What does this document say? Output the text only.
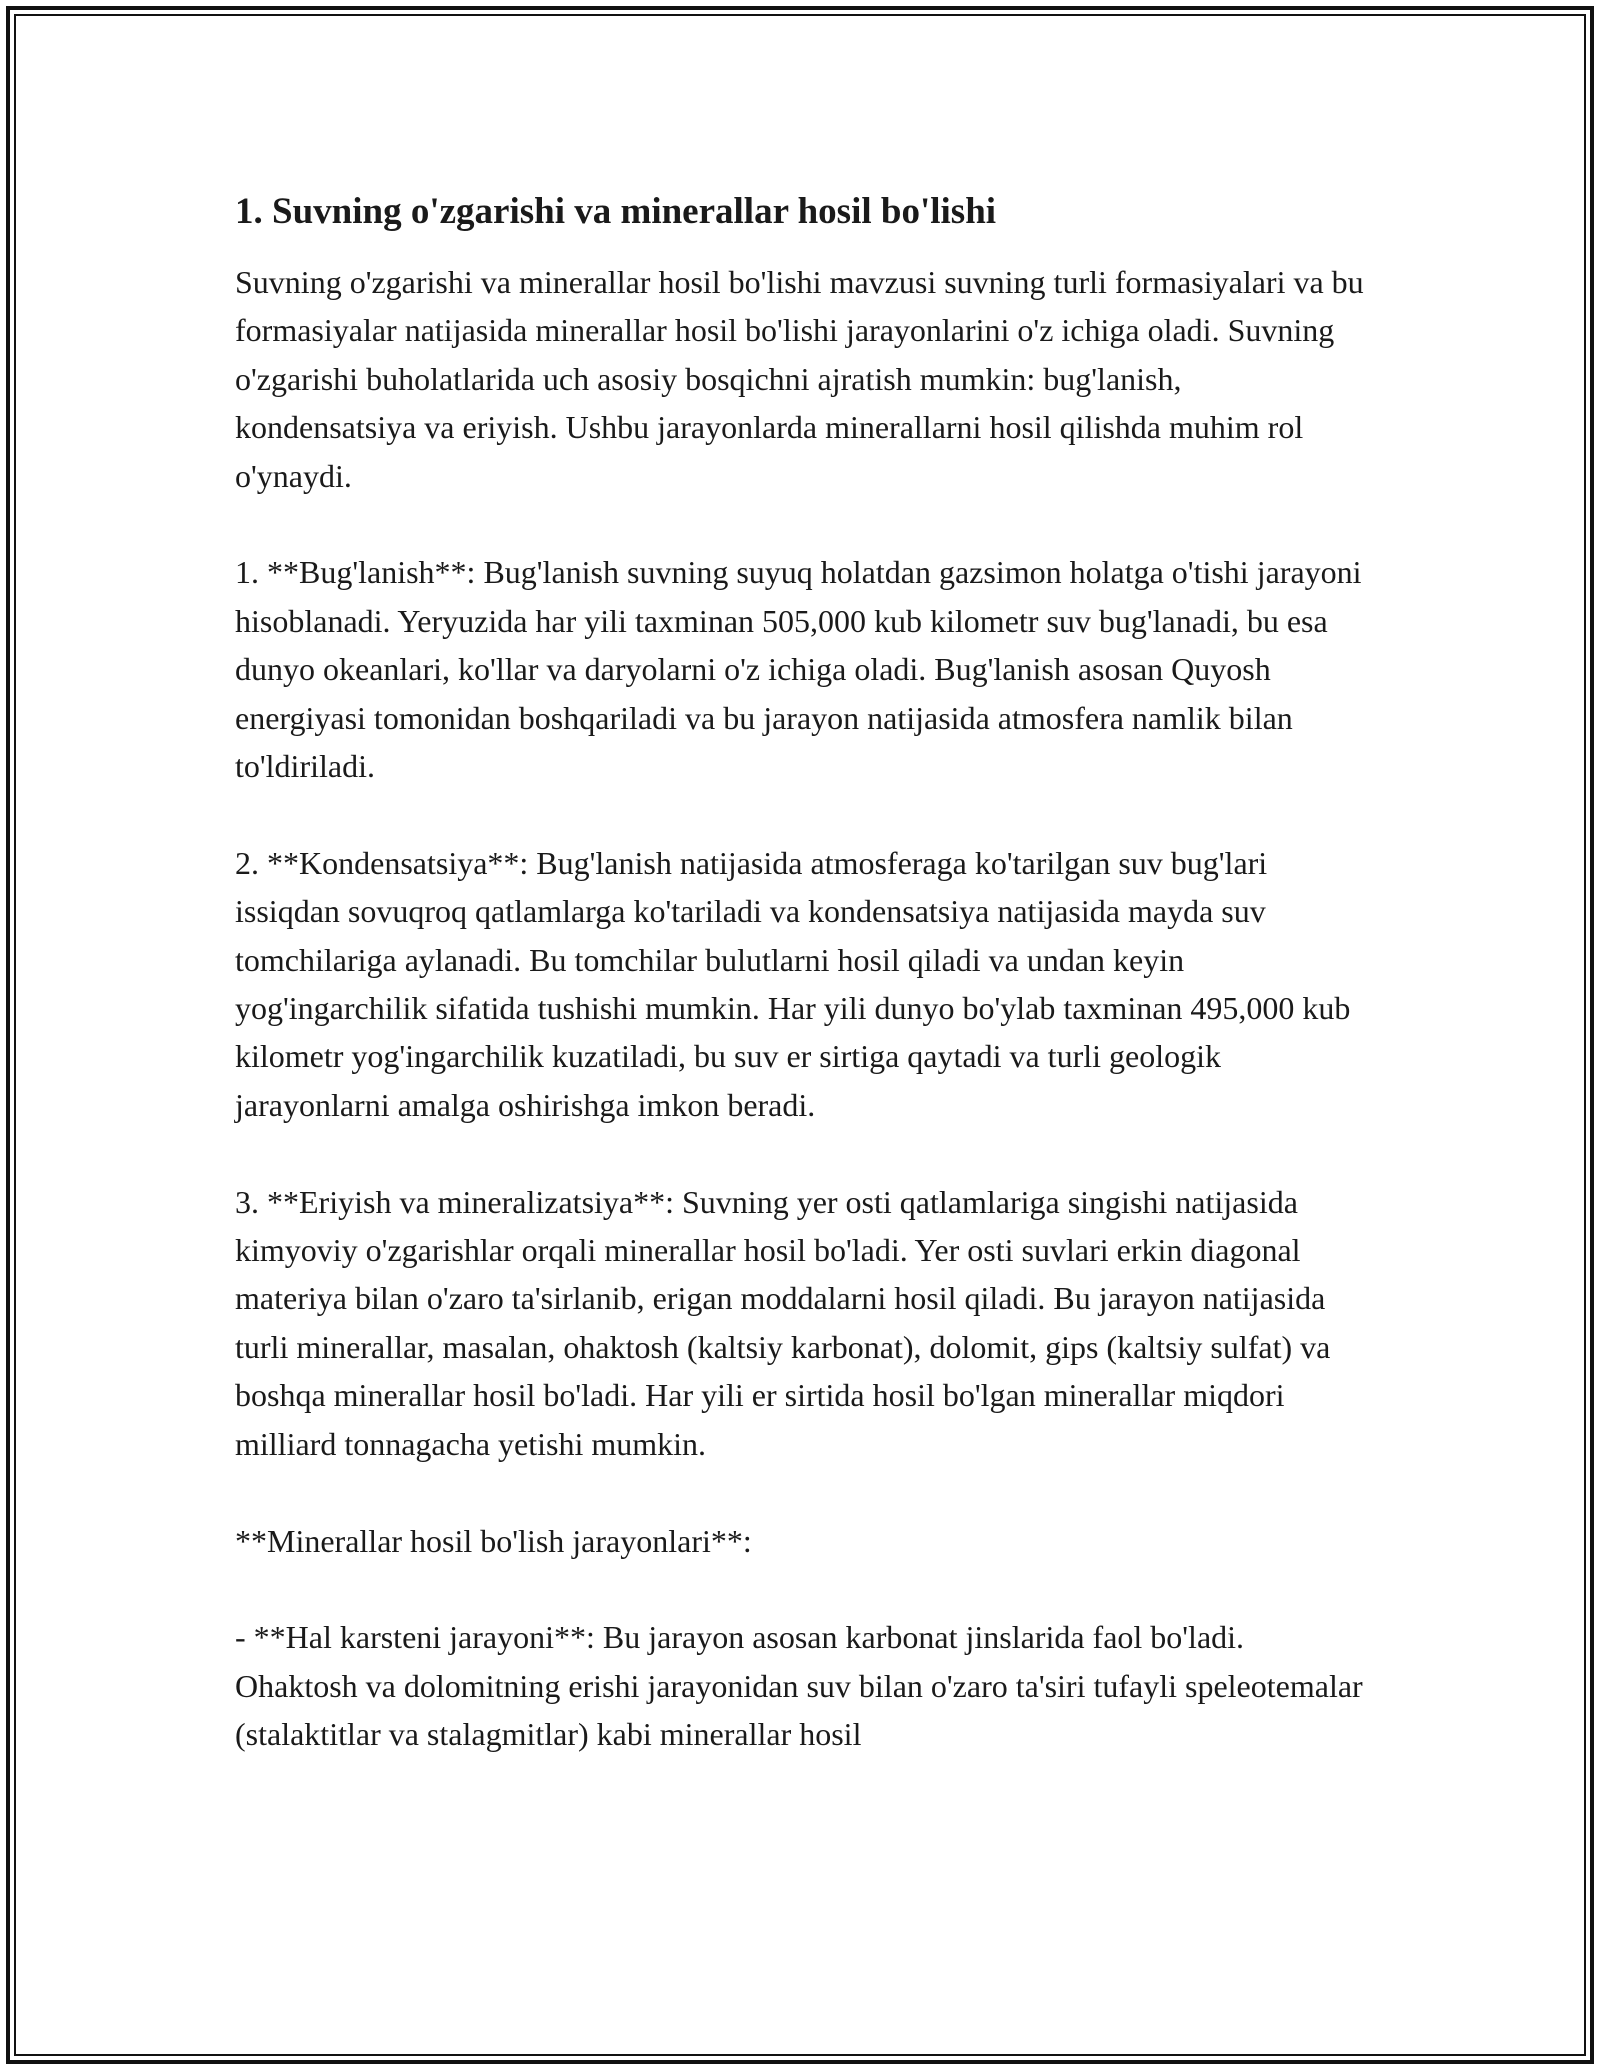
1. Suvning o'zgarishi va minerallar hosil bo'lishi

Suvning o'zgarishi va minerallar hosil bo'lishi mavzusi suvning turli formasiyalari va bu formasiyalar natijasida minerallar hosil bo'lishi jarayonlarini o'z ichiga oladi. Suvning o'zgarishi buholatlarida uch asosiy bosqichni ajratish mumkin: bug'lanish, kondensatsiya va eriyish. Ushbu jarayonlarda minerallarni hosil qilishda muhim rol o'ynaydi.

1. **Bug'lanish**: Bug'lanish suvning suyuq holatdan gazsimon holatga o'tishi jarayoni hisoblanadi. Yeryuzida har yili taxminan 505,000 kub kilometr suv bug'lanadi, bu esa dunyo okeanlari, ko'llar va daryolarni o'z ichiga oladi. Bug'lanish asosan Quyosh energiyasi tomonidan boshqariladi va bu jarayon natijasida atmosfera namlik bilan to'ldiriladi.

2. **Kondensatsiya**: Bug'lanish natijasida atmosferaga ko'tarilgan suv bug'lari issiqdan sovuqroq qatlamlarga ko'tariladi va kondensatsiya natijasida mayda suv tomchilariga aylanadi. Bu tomchilar bulutlarni hosil qiladi va undan keyin yog'ingarchilik sifatida tushishi mumkin. Har yili dunyo bo'ylab taxminan 495,000 kub kilometr yog'ingarchilik kuzatiladi, bu suv er sirtiga qaytadi va turli geologik jarayonlarni amalga oshirishga imkon beradi.

3. **Eriyish va mineralizatsiya**: Suvning yer osti qatlamlariga singishi natijasida kimyoviy o'zgarishlar orqali minerallar hosil bo'ladi. Yer osti suvlari erkin diagonal materiya bilan o'zaro ta'sirlanib, erigan moddalarni hosil qiladi. Bu jarayon natijasida turli minerallar, masalan, ohaktosh (kaltsiy karbonat), dolomit, gips (kaltsiy sulfat) va boshqa minerallar hosil bo'ladi. Har yili er sirtida hosil bo'lgan minerallar miqdori milliard tonnagacha yetishi mumkin.

**Minerallar hosil bo'lish jarayonlari**:

- **Hal karsteni jarayoni**: Bu jarayon asosan karbonat jinslarida faol bo'ladi. Ohaktosh va dolomitning erishi jarayonidan suv bilan o'zaro ta'siri tufayli speleotemalar (stalaktitlar va stalagmitlar) kabi minerallar hosil
